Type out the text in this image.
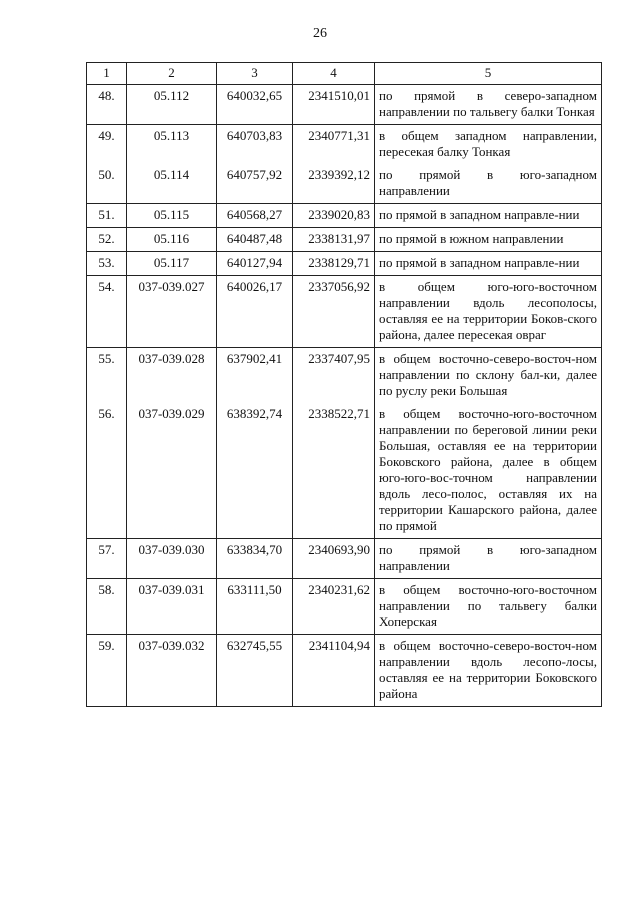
26
1	2	3	4	5
48.	05.112	640032,65	2341510,01	по прямой в северо-западном направлении по тальвегу балки Тонкая
49.	05.113	640703,83	2340771,31	в общем западном направлении, пересекая балку Тонкая
50.	05.114	640757,92	2339392,12	по прямой в юго-западном направлении
51.	05.115	640568,27	2339020,83	по прямой в западном направле-нии
52.	05.116	640487,48	2338131,97	по прямой в южном направлении
53.	05.117	640127,94	2338129,71	по прямой в западном направле-нии
54.	037-039.027	640026,17	2337056,92	в общем юго-юго-восточном направлении вдоль лесополосы, оставляя ее на территории Боков-ского района, далее пересекая овраг
55.	037-039.028	637902,41	2337407,95	в общем восточно-северо-восточ-ном направлении по склону бал-ки, далее по руслу реки Большая
56.	037-039.029	638392,74	2338522,71	в общем восточно-юго-восточном направлении по береговой линии реки Большая, оставляя ее на территории Боковского района, далее в общем юго-юго-вос-точном направлении вдоль лесо-полос, оставляя их на территории Кашарского района, далее по прямой
57.	037-039.030	633834,70	2340693,90	по прямой в юго-западном направлении
58.	037-039.031	633111,50	2340231,62	в общем восточно-юго-восточном направлении по тальвегу балки Хоперская
59.	037-039.032	632745,55	2341104,94	в общем восточно-северо-восточ-ном направлении вдоль лесопо-лосы, оставляя ее на территории Боковского района
